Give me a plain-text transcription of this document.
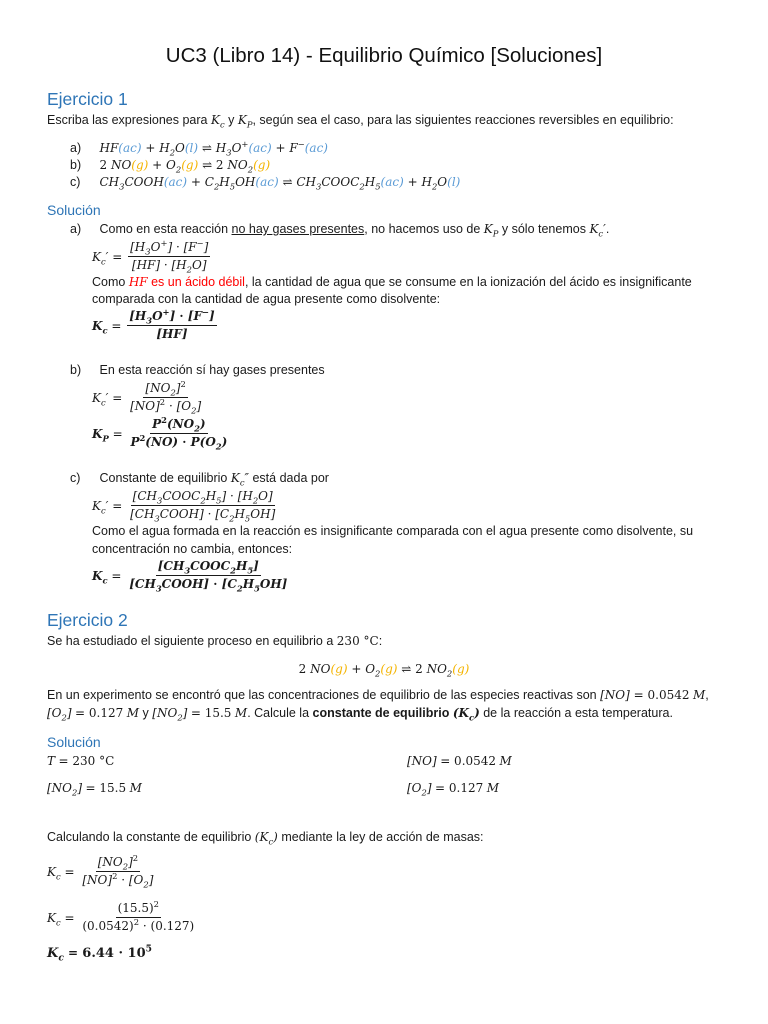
UC3 (Libro 14) - Equilibrio Químico [Soluciones]
Ejercicio 1
Escriba las expresiones para $K_c$ y $K_P$, según sea el caso, para las siguientes reacciones reversibles en equilibrio:
a) $HF(ac) + H_2O(l)$ ⇌ $H_3O^+(ac) + F^-(ac)$
b) 2 $NO(g) + O_2(g)$ ⇌ 2 $NO_2(g)$
c) $CH_3COOH(ac) + C_2H_5OH(ac)$ ⇌ $CH_3COOC_2H_5(ac) + H_2O(l)$
Solución
a) Como en esta reacción no hay gases presentes, no hacemos uso de $K_P$ y sólo tenemos $K_c'$.
$K_c' = \frac{[H_3O^+] \cdot [F^-]}{[HF] \cdot [H_2O]}$
Como HF es un ácido débil, la cantidad de agua que se consume en la ionización del ácido es insignificante
comparada con la cantidad de agua presente como disolvente:
$K_c = \frac{[H_3O^+] \cdot [F^-]}{[HF]}$
b) En esta reacción sí hay gases presentes
$K_c' = \frac{[NO_2]^2}{[NO]^2 \cdot [O_2]}$
$K_P = \frac{P^2(NO_2)}{P^2(NO) \cdot P(O_2)}$
c) Constante de equilibrio $K_c''$ está dada por
$K_c' = \frac{[CH_3COOC_2H_5] \cdot [H_2O]}{[CH_3COOH] \cdot [C_2H_5OH]}$
Como el agua formada en la reacción es insignificante comparada con el agua presente como disolvente, su
concentración no cambia, entonces:
$K_c = \frac{[CH_3COOC_2H_5]}{[CH_3COOH] \cdot [C_2H_5OH]}$
Ejercicio 2
Se ha estudiado el siguiente proceso en equilibrio a 230 °C:
2 $NO(g) + O_2(g)$ ⇌ 2 $NO_2(g)$
En un experimento se encontró que las concentraciones de equilibrio de las especies reactivas son [NO] = 0.0542 M,
$[O_2] = 0.127$ M y $[NO_2] = 15.5$ M. Calcule la constante de equilibrio $(K_c)$ de la reacción a esta temperatura.
Solución
T = 230 °C	[NO] = 0.0542 M
$[NO_2] = 15.5$ M	$[O_2] = 0.127$ M
Calculando la constante de equilibrio $(K_c)$ mediante la ley de acción de masas:
$K_c = \frac{[NO_2]^2}{[NO]^2 \cdot [O_2]}$
$K_c = \frac{(15.5)^2}{(0.0542)^2 \cdot (0.127)}$
$K_c = 6.44 \cdot 10^5$
